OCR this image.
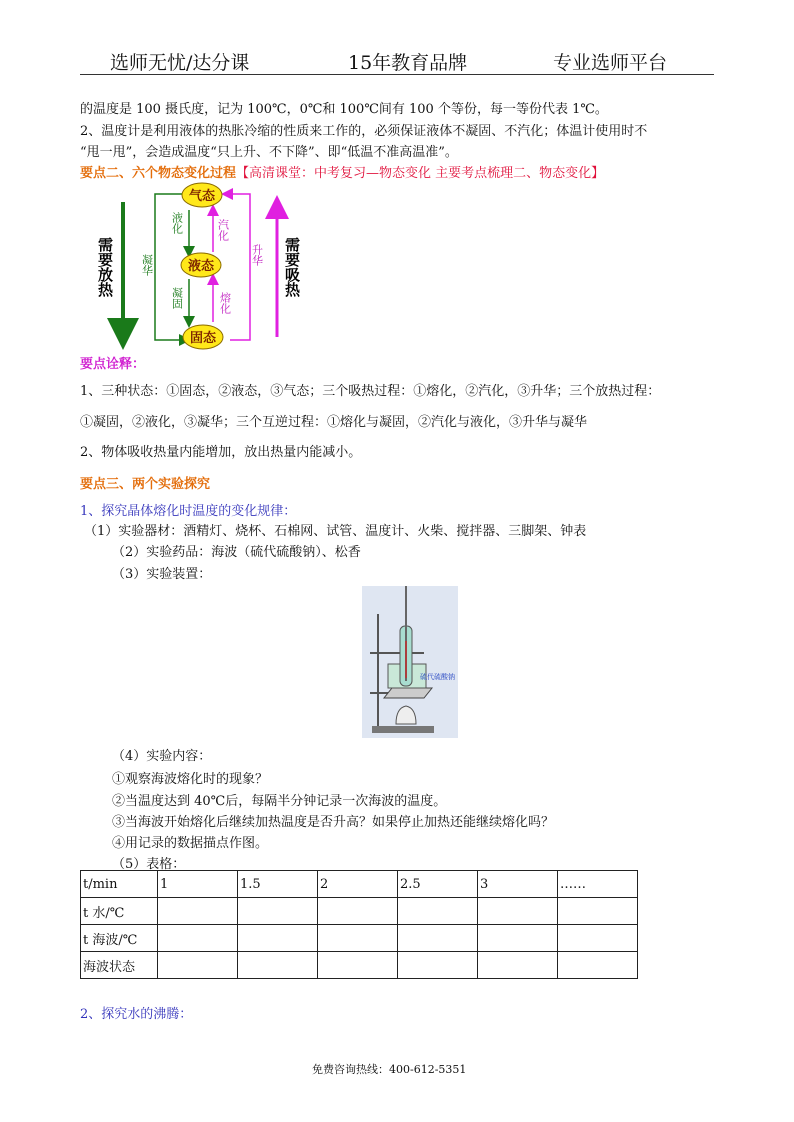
选师无忧/达分课	15年教育品牌	专业选师平台
的温度是 100 摄氏度，记为 100℃，0℃和 100℃间有 100 个等份，每一等份代表 1℃。
2、温度计是利用液体的热胀冷缩的性质来工作的，必须保证液体不凝固、不汽化；体温计使用时不
“甩一甩”，会造成温度“只上升、不下降”、即“低温不准高温准”。
要点二、六个物态变化过程【高清课堂：中考复习—物态变化 主要考点梳理二、物态变化】
气态
液态
固态
液化
凝固
凝华
汽化
熔化
升华
需要放热	需要吸热
要点诠释：
1、三种状态：①固态，②液态，③气态；三个吸热过程：①熔化，②汽化，③升华；三个放热过程：
①凝固，②液化，③凝华；三个互逆过程：①熔化与凝固，②汽化与液化，③升华与凝华
2、物体吸收热量内能增加，放出热量内能减小。
要点三、两个实验探究
1、探究晶体熔化时温度的变化规律：
（1）实验器材：酒精灯、烧杯、石棉网、试管、温度计、火柴、搅拌器、三脚架、钟表
（2）实验药品：海波（硫代硫酸钠）、松香
（3）实验装置：
硫代硫酸钠
（4）实验内容：
①观察海波熔化时的现象？
②当温度达到 40℃后，每隔半分钟记录一次海波的温度。
③当海波开始熔化后继续加热温度是否升高？如果停止加热还能继续熔化吗？
④用记录的数据描点作图。
（5）表格：
t/min	1	1.5	2	2.5	3	……
t 水/℃						
t 海波/℃						
海波状态						
2、探究水的沸腾：
免费咨询热线：400-612-5351
